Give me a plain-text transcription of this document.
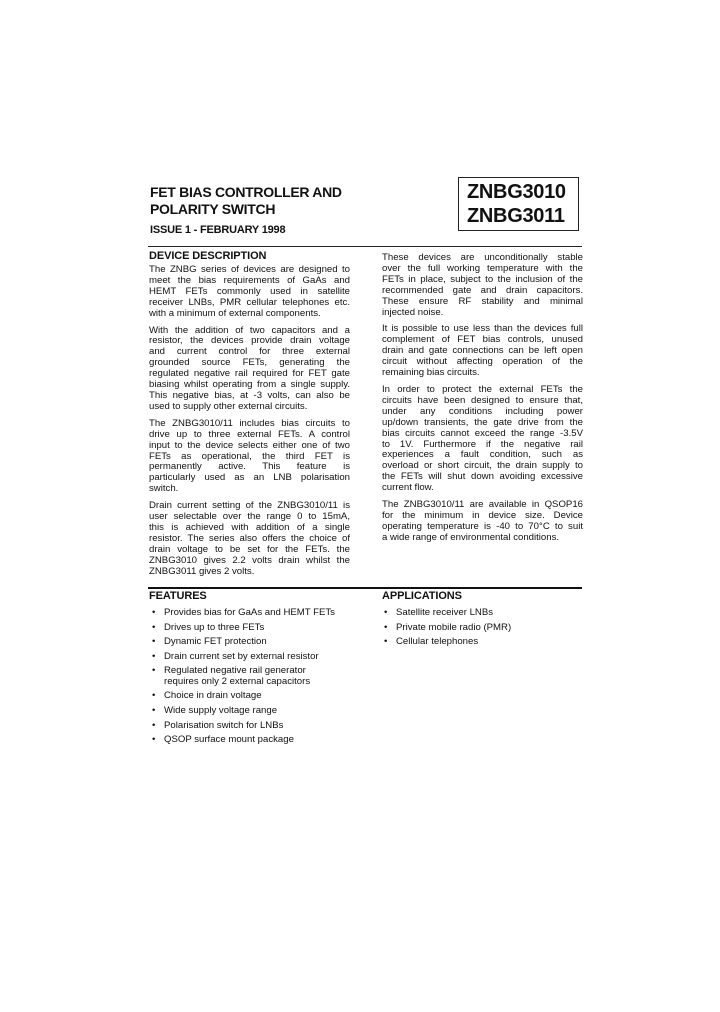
FET BIAS CONTROLLER AND
POLARITY SWITCH
ISSUE 1 - FEBRUARY 1998
ZNBG3010
ZNBG3011
DEVICE DESCRIPTION

The ZNBG series of devices are designed to
meet the bias requirements of GaAs and
HEMT FETs commonly used in satellite
receiver LNBs, PMR cellular telephones etc.
with a minimum of external components.

With the addition of two capacitors and a
resistor, the devices provide drain voltage
and current control for three external
grounded source FETs, generating the
regulated negative rail required for FET gate
biasing whilst operating from a single supply.
This negative bias, at -3 volts, can also be
used to supply other external circuits.

The ZNBG3010/11 includes bias circuits to
drive up to three external FETs. A control
input to the device selects either one of two
FETs as operational, the third FET is
permanently active. This feature is
particularly used as an LNB polarisation
switch.

Drain current setting of the ZNBG3010/11 is
user selectable over the range 0 to 15mA,
this is achieved with addition of a single
resistor. The series also offers the choice of
drain voltage to be set for the FETs. the
ZNBG3010 gives 2.2 volts drain whilst the
ZNBG3011 gives 2 volts.

These devices are unconditionally stable
over the full working temperature with the
FETs in place, subject to the inclusion of the
recommended gate and drain capacitors.
These ensure RF stability and minimal
injected noise.

It is possible to use less than the devices full
complement of FET bias controls, unused
drain and gate connections can be left open
circuit without affecting operation of the
remaining bias circuits.

In order to protect the external FETs the
circuits have been designed to ensure that,
under any conditions including power
up/down transients, the gate drive from the
bias circuits cannot exceed the range -3.5V
to 1V. Furthermore if the negative rail
experiences a fault condition, such as
overload or short circuit, the drain supply to
the FETs will shut down avoiding excessive
current flow.

The ZNBG3010/11 are available in QSOP16
for the minimum in device size. Device
operating temperature is -40 to 70°C to suit
a wide range of environmental conditions.

FEATURES
• Provides bias for GaAs and HEMT FETs
• Drives up to three FETs
• Dynamic FET protection
• Drain current set by external resistor
• Regulated negative rail generator requires only 2 external capacitors
• Choice in drain voltage
• Wide supply voltage range
• Polarisation switch for LNBs
• QSOP surface mount package
APPLICATIONS
• Satellite receiver LNBs
• Private mobile radio (PMR)
• Cellular telephones
